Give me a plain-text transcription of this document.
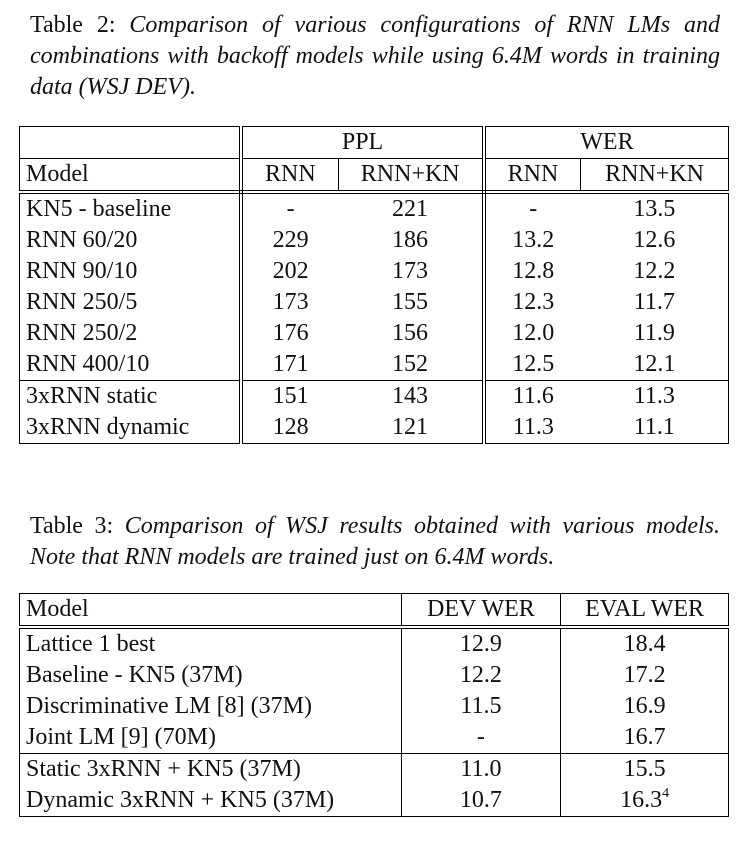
Table 2: Comparison of various configurations of RNN LMs and combinations with backoff models while using 6.4M words in training data (WSJ DEV).
	PPL		WER	
Model	RNN	RNN+KN	RNN	RNN+KN
KN5 - baseline	-	221	-	13.5
RNN 60/20	229	186	13.2	12.6
RNN 90/10	202	173	12.8	12.2
RNN 250/5	173	155	12.3	11.7
RNN 250/2	176	156	12.0	11.9
RNN 400/10	171	152	12.5	12.1
3xRNN static	151	143	11.6	11.3
3xRNN dynamic	128	121	11.3	11.1
Table 3: Comparison of WSJ results obtained with various models. Note that RNN models are trained just on 6.4M words.
Model	DEV WER	EVAL WER
Lattice 1 best	12.9	18.4
Baseline - KN5 (37M)	12.2	17.2
Discriminative LM [8] (37M)	11.5	16.9
Joint LM [9] (70M)	-	16.7
Static 3xRNN + KN5 (37M)	11.0	15.5
Dynamic 3xRNN + KN5 (37M)	10.7	16.3$^4$
